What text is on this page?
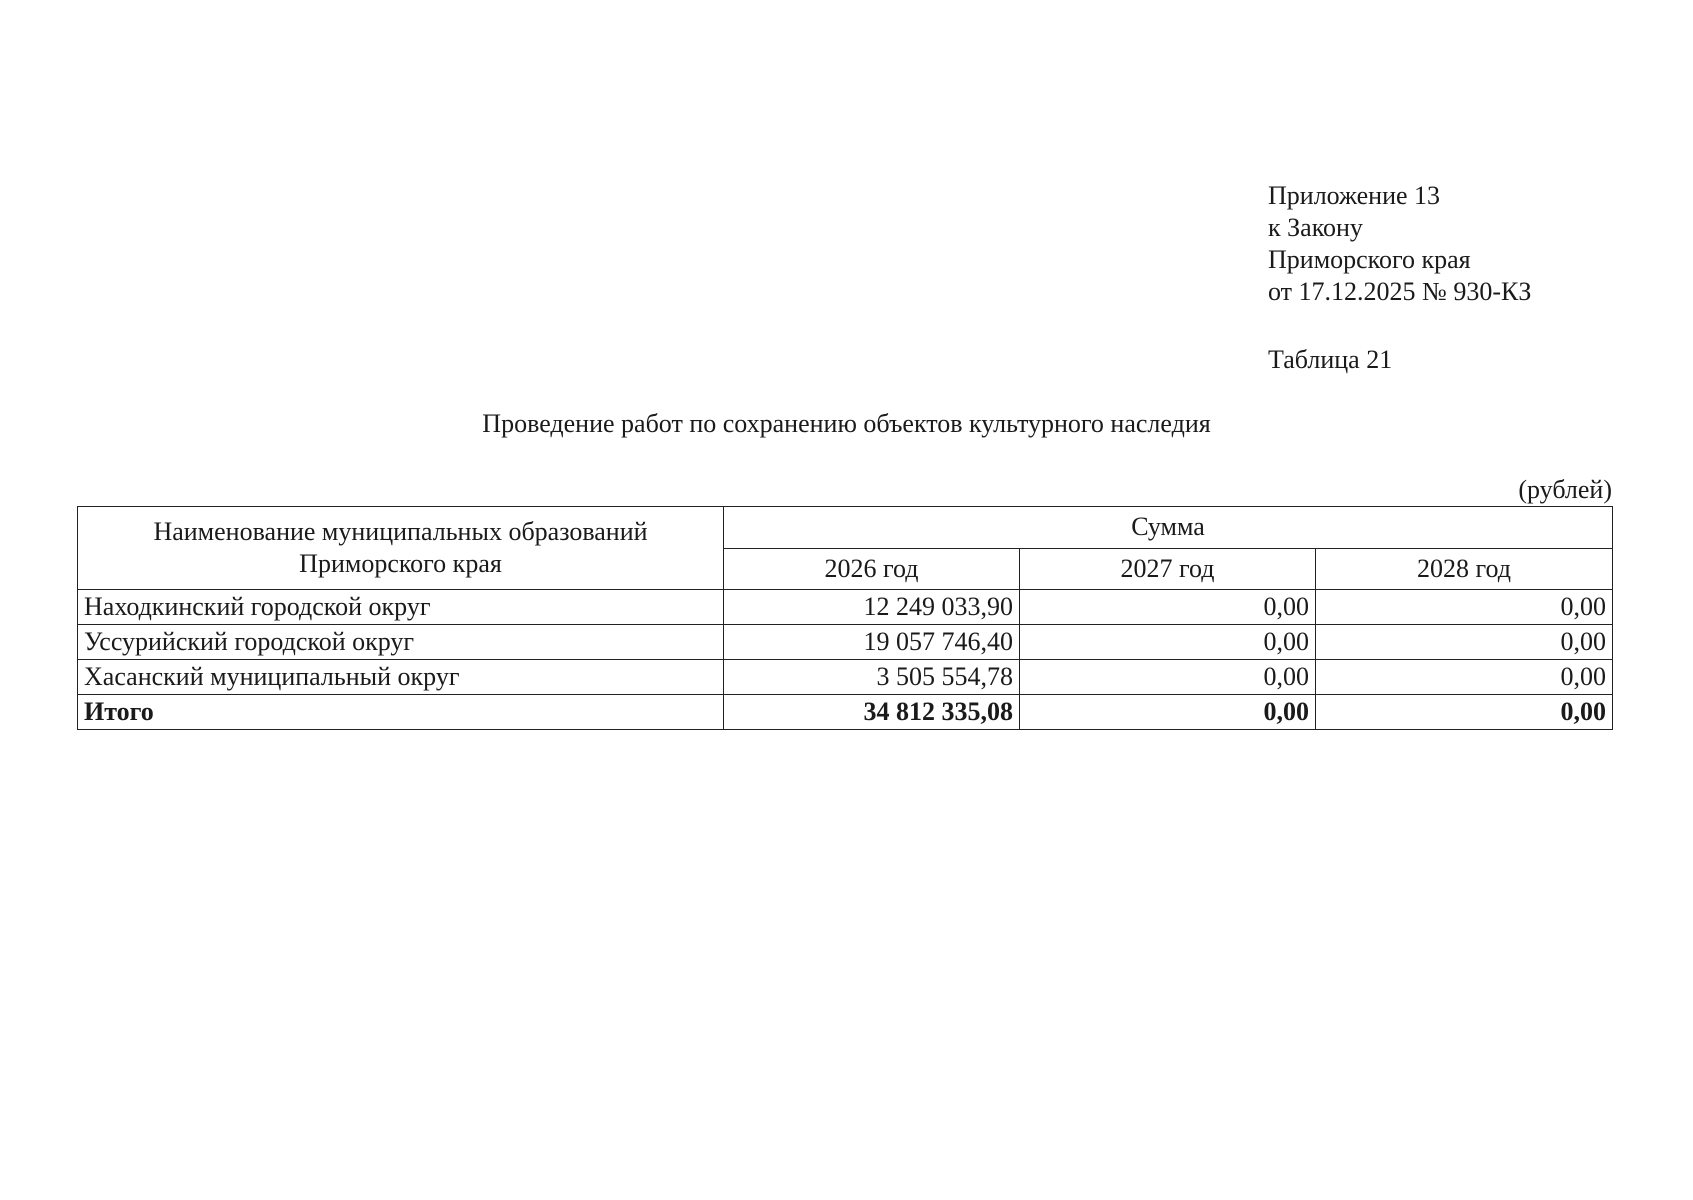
Приложение 13
к Закону
Приморского края
от 17.12.2025 № 930-КЗ
Таблица 21
Проведение работ по сохранению объектов культурного наследия
(рублей)
Наименование муниципальных образований
Приморского края	Сумма		
	2026 год	2027 год	2028 год
Находкинский городской округ	12 249 033,90	0,00	0,00
Уссурийский городской округ	19 057 746,40	0,00	0,00
Хасанский муниципальный округ	3 505 554,78	0,00	0,00
Итого	34 812 335,08	0,00	0,00
